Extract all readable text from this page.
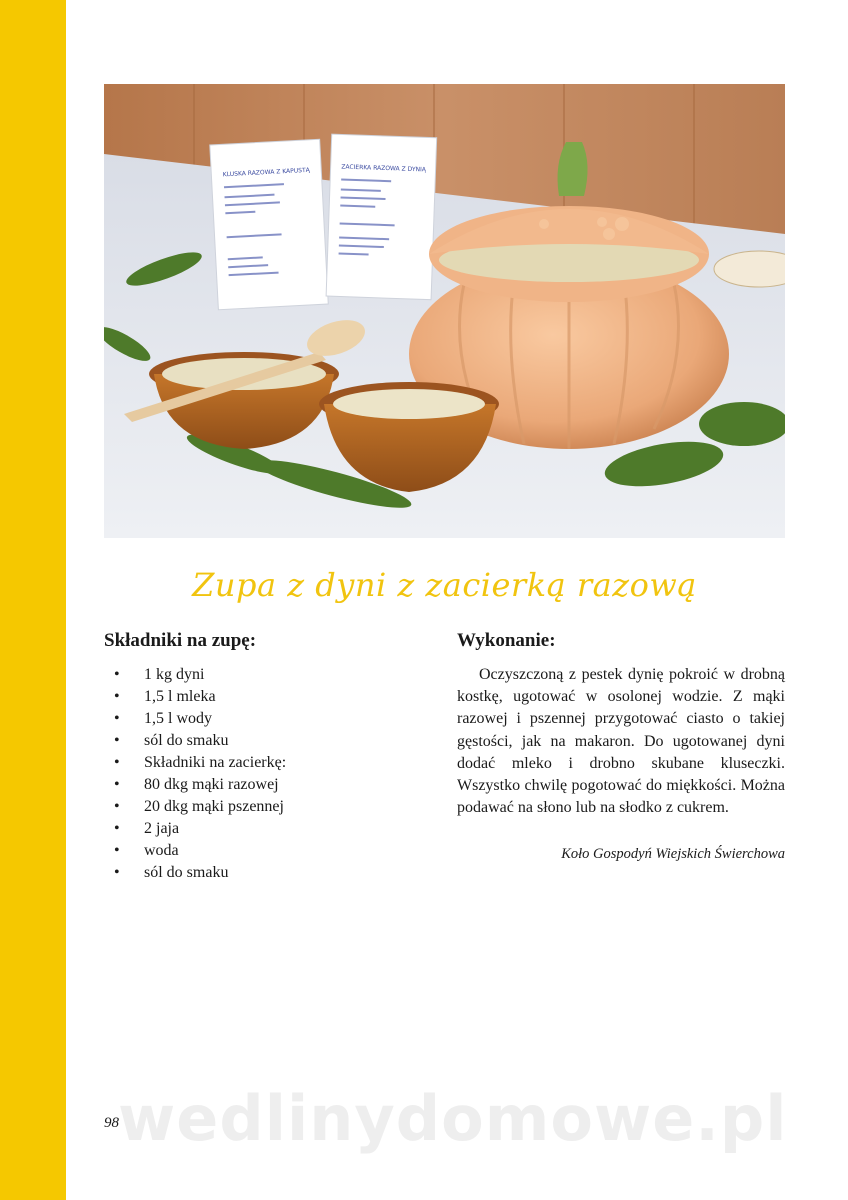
KLUSKA RAZOWA Z KAPUSTĄ	ZACIERKA RAZOWA Z DYNIĄ
Zupa z dyni z zacierką razową
Składniki na zupę:
• 1 kg dyni
• 1,5 l mleka
• 1,5 l wody
• sól do smaku
• Składniki na zacierkę:
• 80 dkg mąki razowej
• 20 dkg mąki pszennej
• 2 jaja
• woda
• sól do smaku
Wykonanie:

Oczyszczoną z pestek dynię pokroić w drobną kostkę, ugotować w osolonej wodzie. Z mąki razowej i pszennej przygotować ciasto o takiej gęstości, jak na makaron. Do ugotowanej dyni dodać mleko i drobno skubane kluseczki. Wszystko chwilę pogotować do miękkości. Można podawać na słono lub na słodko z cukrem.

Koło Gospodyń Wiejskich Świerchowa

wedlinydomowe.pl
98
